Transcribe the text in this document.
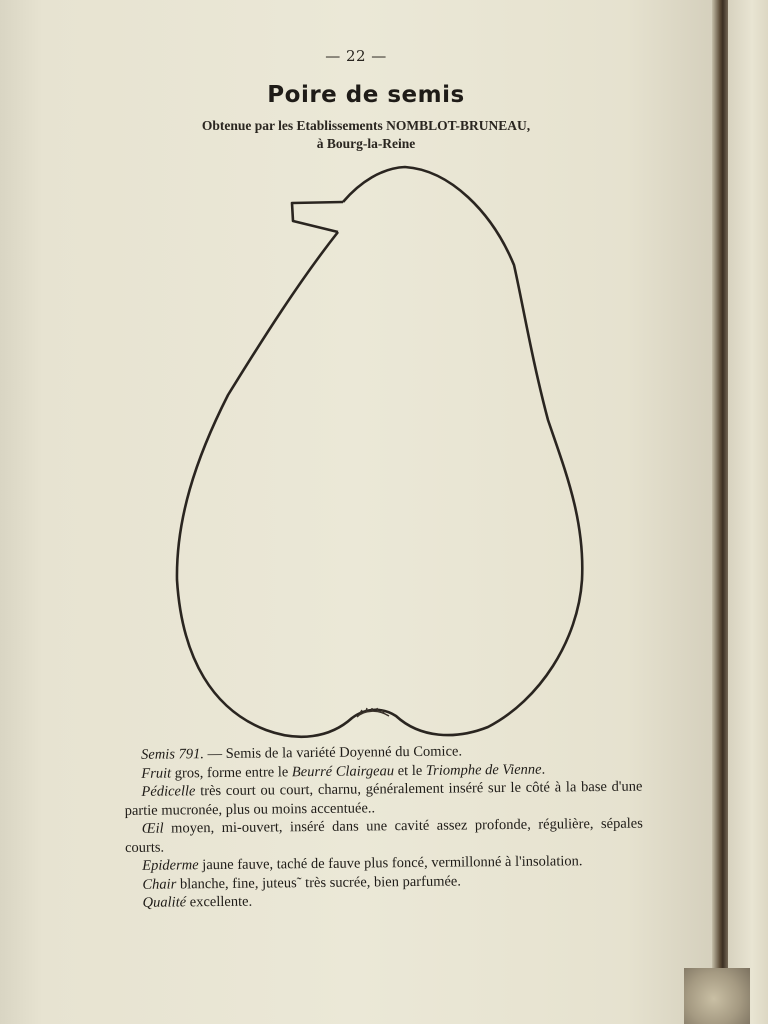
— 22 —
Poire de semis
Obtenue par les Etablissements NOMBLOT-BRUNEAU,
à Bourg-la-Reine

Semis 791. — Semis de la variété Doyenné du Comice.

Fruit gros, forme entre le Beurré Clairgeau et le Triomphe de Vienne.

Pédicelle très court ou court, charnu, généralement inséré sur le côté à la base d'une partie mucronée, plus ou moins accentuée..

Œil moyen, mi-ouvert, inséré dans une cavité assez profonde, régulière, sépales courts.

Epiderme jaune fauve, taché de fauve plus foncé, vermillonné à l'insolation.

Chair blanche, fine, juteus˜ très sucrée, bien parfumée.

Qualité excellente.
